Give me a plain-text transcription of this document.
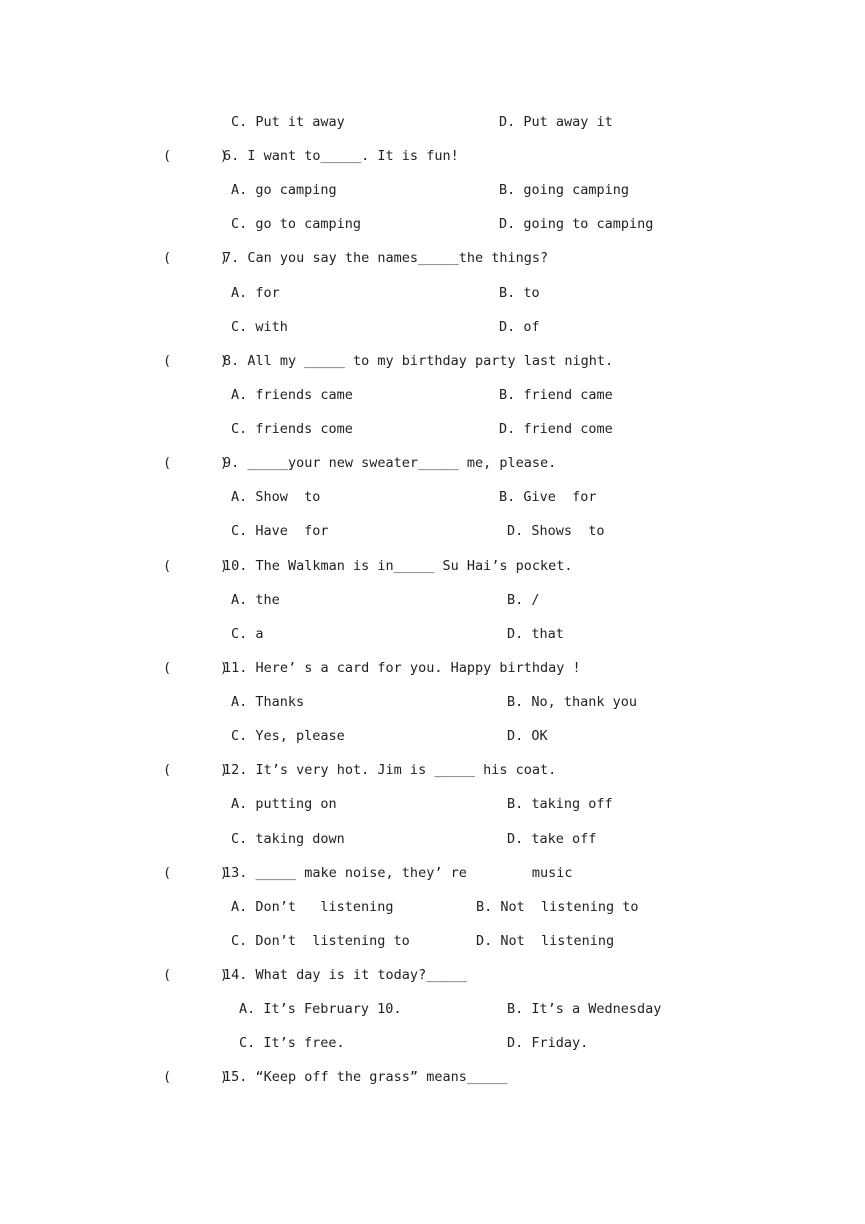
C. Put it away	D. Put away it
(      )
6. I want to_____. It is fun!
A. go camping	B. going camping
C. go to camping	D. going to camping
(      )
7. Can you say the names_____the things?
A. for	B. to
C. with	D. of
(      )
8. All my _____ to my birthday party last night.
A. friends came	B. friend came
C. friends come	D. friend come
(      )
9. _____your new sweater_____ me, please.
A. Show  to	B. Give  for
C. Have  for	D. Shows  to
(      )
10. The Walkman is in_____ Su Hai’s pocket.
A. the	B. /
C. a	D. that
(      )
11. Here’ s a card for you. Happy birthday !
A. Thanks	B. No, thank you
C. Yes, please	D. OK
(      )
12. It’s very hot. Jim is _____ his coat.
A. putting on	B. taking off
C. taking down	D. take off
(      )
13. _____ make noise, they’ re        music
A. Don’t   listening	B. Not  listening to
C. Don’t  listening to	D. Not  listening
(      )
14. What day is it today?_____
A. It’s February 10.	B. It’s a Wednesday
C. It’s free.	D. Friday.
(      )
15. “Keep off the grass” means_____
